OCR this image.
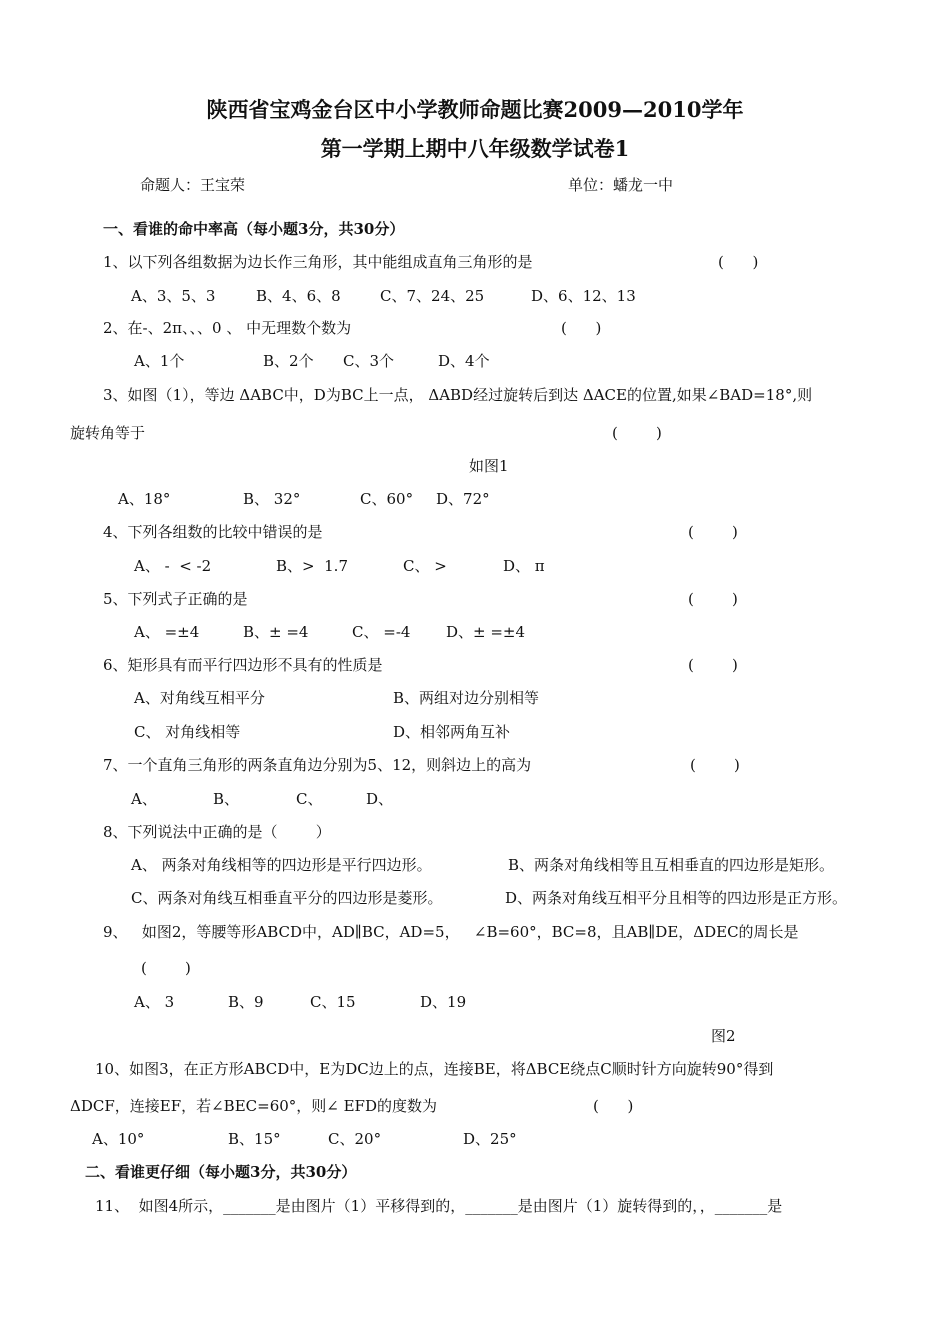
陕西省宝鸡金台区中小学教师命题比赛2009—2010学年
第一学期上期中八年级数学试卷1
命题人：王宝荣	单位：蟠龙一中
一、看谁的命中率高（每小题3分，共30分）
1、以下列各组数据为边长作三角形，其中能组成直角三角形的是	(      )
A、3、5、3	B、4、6、8	C、7、24、25	D、6、12、13
2、在-、2π、、、0 、 中无理数个数为	(      )
A、1个	B、2个 C、3个	D、4个
3、如图（1），等边 ΔABC中，D为BC上一点， ΔABD经过旋转后到达 ΔACE的位置,如果∠BAD=18°,则
旋转角等于	(        )
如图1
A、18°	B、 32°	C、60° D、72°
4、下列各组数的比较中错误的是	(        )
A、 -  < -2	B、>  1.7	C、 >	D、 π
5、下列式子正确的是	(        )
A、 =±4	B、± =4	C、 =-4 D、± =±4
6、矩形具有而平行四边形不具有的性质是	(        )
A、对角线互相平分	B、两组对边分别相等
C、 对角线相等	D、相邻两角互补
7、一个直角三角形的两条直角边分别为5、12，则斜边上的高为	(        )
A、	B、	C、	D、
8、下列说法中正确的是（        ）
A、 两条对角线相等的四边形是平行四边形。	B、两条对角线相等且互相垂直的四边形是矩形。
C、两条对角线互相垂直平分的四边形是菱形。	D、两条对角线互相平分且相等的四边形是正方形。
9、   如图2，等腰等形ABCD中，AD∥BC，AD=5，   ∠B=60°，BC=8，且AB∥DE，ΔDEC的周长是
(        )
A、 3	B、9	C、15	D、19
图2
10、如图3，在正方形ABCD中，E为DC边上的点，连接BE，将ΔBCE绕点C顺时针方向旋转90°得到
ΔDCF，连接EF，若∠BEC=60°，则∠ EFD的度数为	(      )
A、10°	B、15°	C、20°	D、25°
二、看谁更仔细（每小题3分，共30分）
11、  如图4所示，_______是由图片（1）平移得到的，_______是由图片（1）旋转得到的，，_______是
